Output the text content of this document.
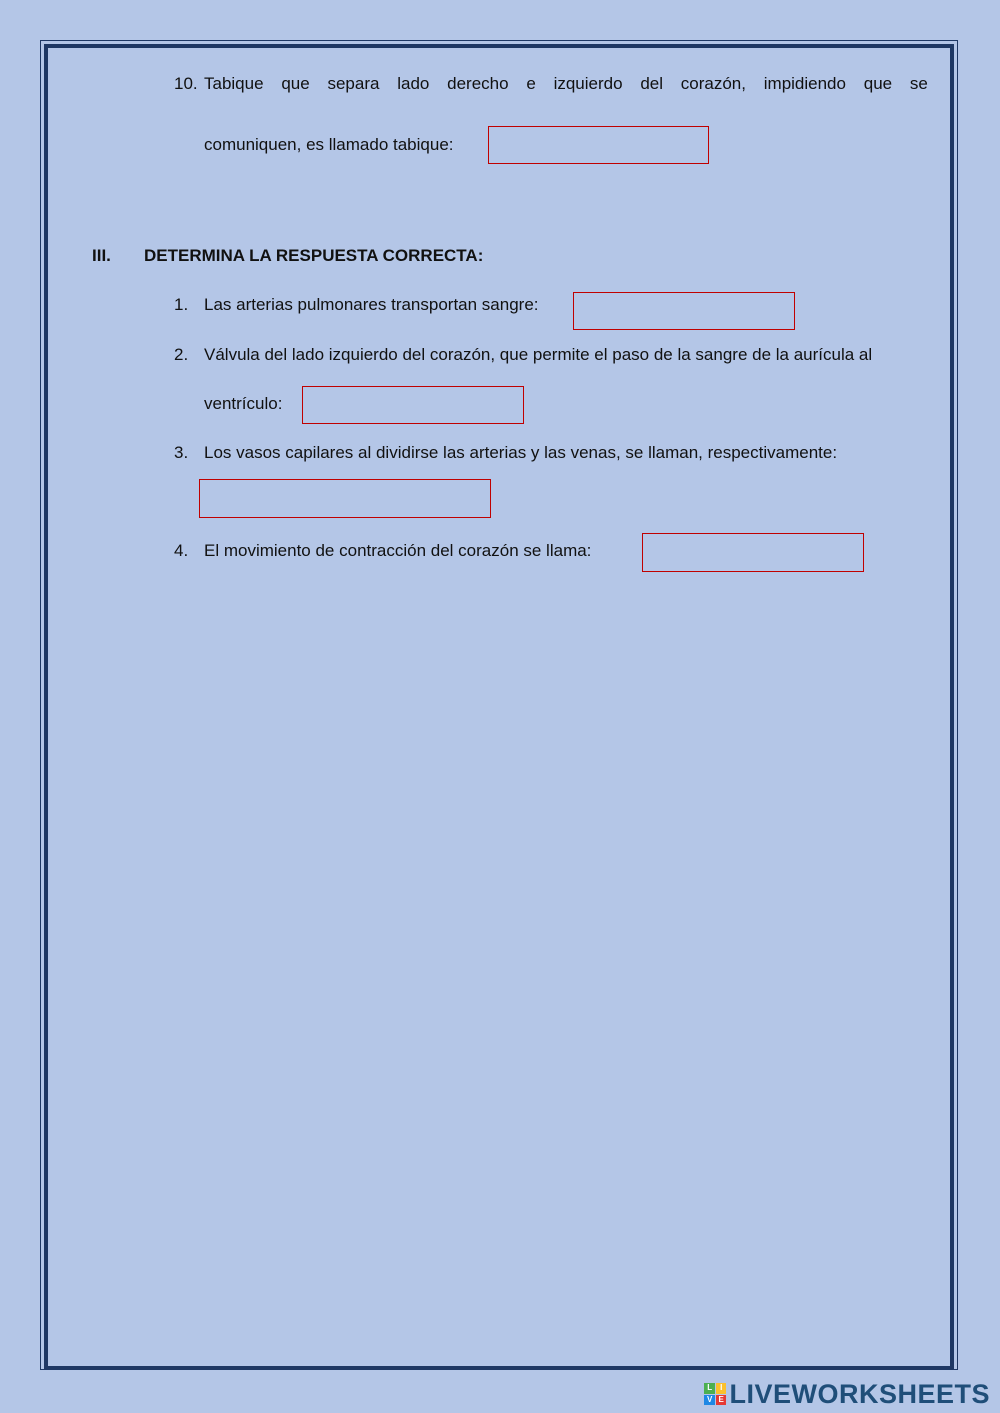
10. Tabique que separa lado derecho e izquierdo del corazón, impidiendo que se
comuniquen, es llamado tabique:
III. DETERMINA LA RESPUESTA CORRECTA:
1. Las arterias pulmonares transportan sangre:
2. Válvula del lado izquierdo del corazón, que permite el paso de la sangre de la aurícula al
ventrículo:
3. Los vasos capilares al dividirse las arterias y las venas, se llaman, respectivamente:
4. El movimiento de contracción del corazón se llama:
L I
V E LIVEWORKSHEETS
